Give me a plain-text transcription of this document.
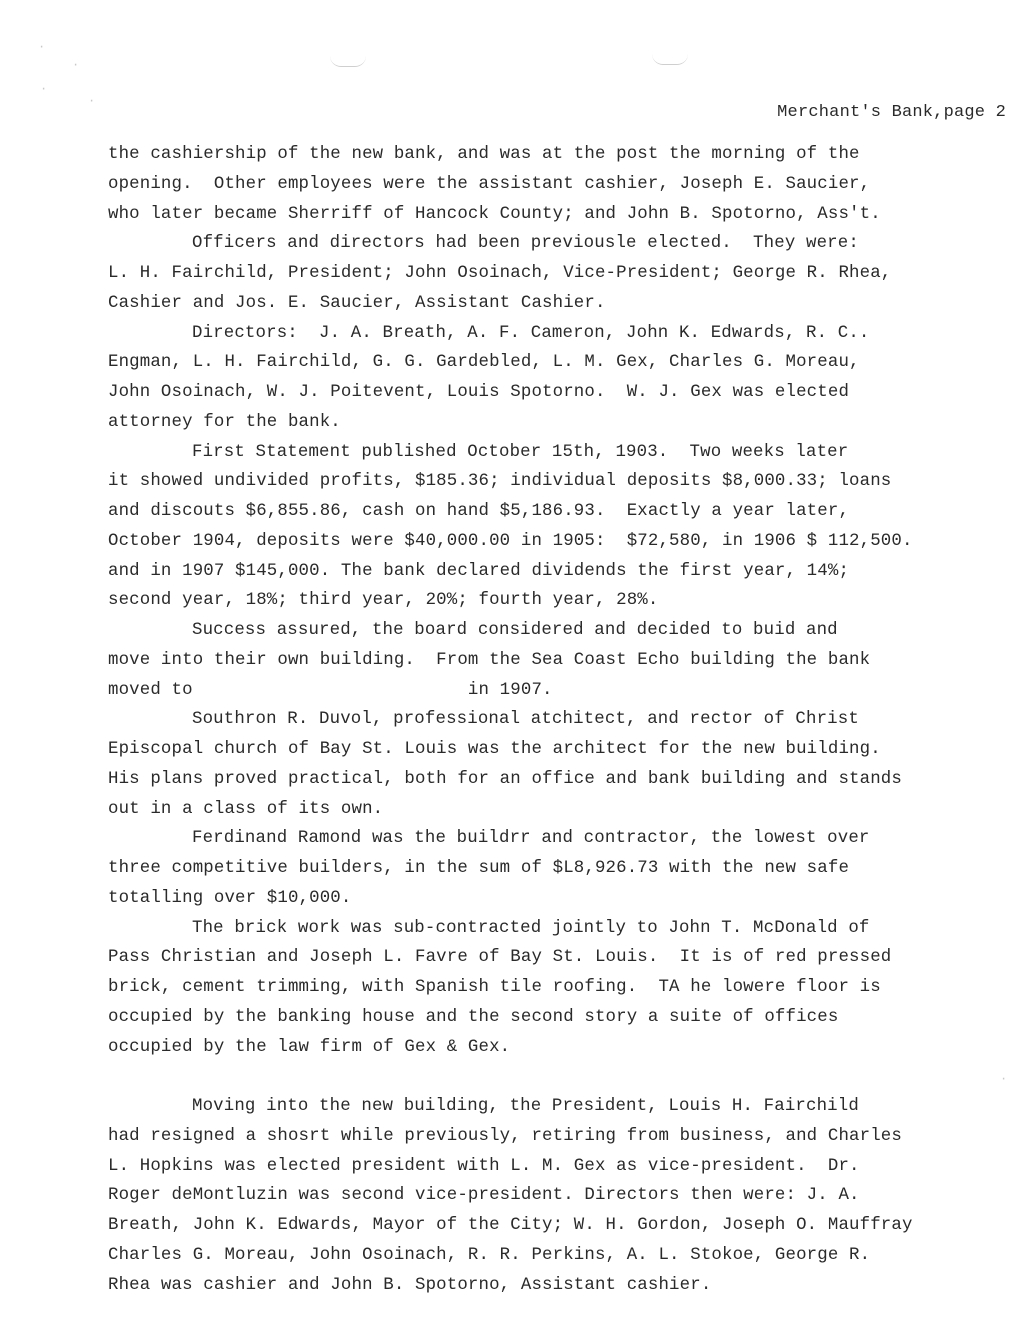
·
·
·
·
·
Merchant's Bank,page 2
the cashiership of the new bank, and was at the post the morning of the
opening.  Other employees were the assistant cashier, Joseph E. Saucier,
who later became Sherriff of Hancock County; and John B. Spotorno, Ass't.
Officers and directors had been previousle elected.  They were:
L. H. Fairchild, President; John Osoinach, Vice-President; George R. Rhea,
Cashier and Jos. E. Saucier, Assistant Cashier.
Directors:  J. A. Breath, A. F. Cameron, John K. Edwards, R. C..
Engman, L. H. Fairchild, G. G. Gardebled, L. M. Gex, Charles G. Moreau,
John Osoinach, W. J. Poitevent, Louis Spotorno.  W. J. Gex was elected
attorney for the bank.
First Statement published October 15th, 1903.  Two weeks later
it showed undivided profits, $185.36; individual deposits $8,000.33; loans
and discouts $6,855.86, cash on hand $5,186.93.  Exactly a year later,
October 1904, deposits were $40,000.00 in 1905:  $72,580, in 1906 $ 112,500.
and in 1907 $145,000. The bank declared dividends the first year, 14%;
second year, 18%; third year, 20%; fourth year, 28%.
Success assured, the board considered and decided to buid and
move into their own building.  From the Sea Coast Echo building the bank
moved to                          in 1907.
Southron R. Duvol, professional atchitect, and rector of Christ
Episcopal church of Bay St. Louis was the architect for the new building.
His plans proved practical, both for an office and bank building and stands
out in a class of its own.
Ferdinand Ramond was the buildrr and contractor, the lowest over
three competitive builders, in the sum of $L8,926.73 with the new safe
totalling over $10,000.
The brick work was sub-contracted jointly to John T. McDonald of
Pass Christian and Joseph L. Favre of Bay St. Louis.  It is of red pressed
brick, cement trimming, with Spanish tile roofing.  TA he lowere floor is
occupied by the banking house and the second story a suite of offices
occupied by the law firm of Gex & Gex.
Moving into the new building, the President, Louis H. Fairchild
had resigned a shosrt while previously, retiring from business, and Charles
L. Hopkins was elected president with L. M. Gex as vice-president.  Dr.
Roger deMontluzin was second vice-president. Directors then were: J. A.
Breath, John K. Edwards, Mayor of the City; W. H. Gordon, Joseph O. Mauffray
Charles G. Moreau, John Osoinach, R. R. Perkins, A. L. Stokoe, George R.
Rhea was cashier and John B. Spotorno, Assistant cashier.
